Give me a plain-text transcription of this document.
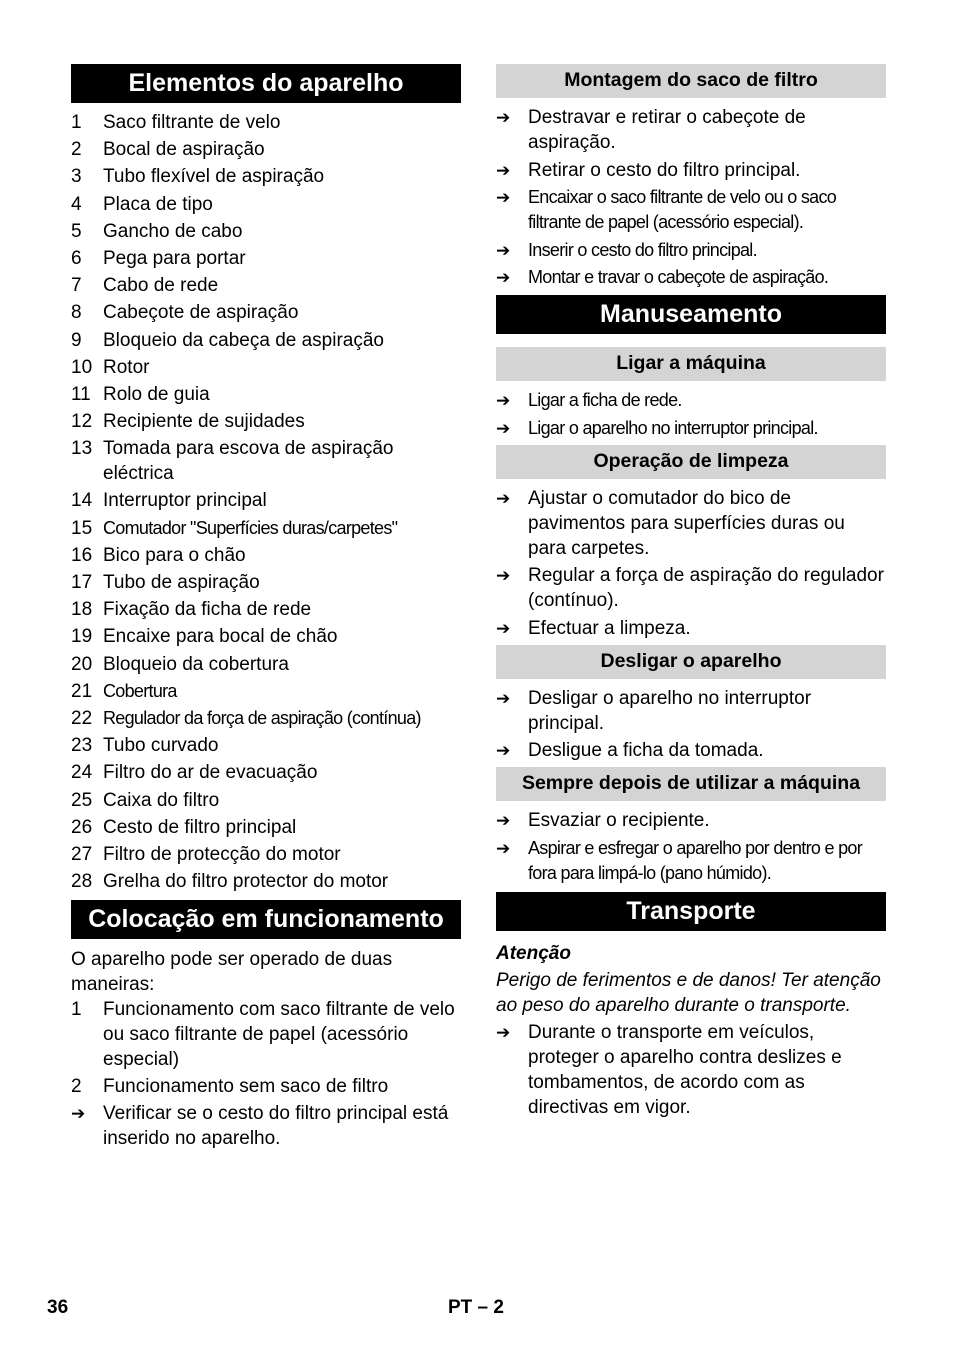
Elementos do aparelho
1	Saco filtrante de velo
2	Bocal de aspiração
3	Tubo flexível de aspiração
4	Placa de tipo
5	Gancho de cabo
6	Pega para portar
7	Cabo de rede
8	Cabeçote de aspiração
9	Bloqueio da cabeça de aspiração
10 Rotor
11 Rolo de guia
12 Recipiente de sujidades
13 Tomada para escova de aspiração eléctrica
14 Interruptor principal
15 Comutador "Superfícies duras/carpetes"
16 Bico para o chão
17 Tubo de aspiração
18 Fixação da ficha de rede
19 Encaixe para bocal de chão
20 Bloqueio da cobertura
21 Cobertura
22 Regulador da força de aspiração (contínua)
23 Tubo curvado
24 Filtro do ar de evacuação
25 Caixa do filtro
26 Cesto de filtro principal
27 Filtro de protecção do motor
28 Grelha do filtro protector do motor
Colocação em funcionamento

O aparelho pode ser operado de duas maneiras:

1	Funcionamento com saco filtrante de velo ou saco filtrante de papel (acessório especial)
2	Funcionamento sem saco de filtro
➔ Verificar se o cesto do filtro principal está inserido no aparelho.
Montagem do saco de filtro
➔ Destravar e retirar o cabeçote de aspiração.
➔ Retirar o cesto do filtro principal.
➔ Encaixar o saco filtrante de velo ou o saco filtrante de papel (acessório especial).
➔ Inserir o cesto do filtro principal.
➔ Montar e travar o cabeçote de aspiração.
Manuseamento
Ligar a máquina
➔ Ligar a ficha de rede.
➔ Ligar o aparelho no interruptor principal.
Operação de limpeza
➔ Ajustar o comutador do bico de pavimentos para superfícies duras ou para carpetes.
➔ Regular a força de aspiração do regulador (contínuo).
➔ Efectuar a limpeza.
Desligar o aparelho
➔ Desligar o aparelho no interruptor principal.
➔ Desligue a ficha da tomada.
Sempre depois de utilizar a máquina
➔ Esvaziar o recipiente.
➔ Aspirar e esfregar o aparelho por dentro e por fora para limpá-lo (pano húmido).
Transporte

Atenção

Perigo de ferimentos e de danos! Ter atenção ao peso do aparelho durante o transporte.

➔ Durante o transporte em veículos, proteger o aparelho contra deslizes e tombamentos, de acordo com as directivas em vigor.
36	PT – 2
